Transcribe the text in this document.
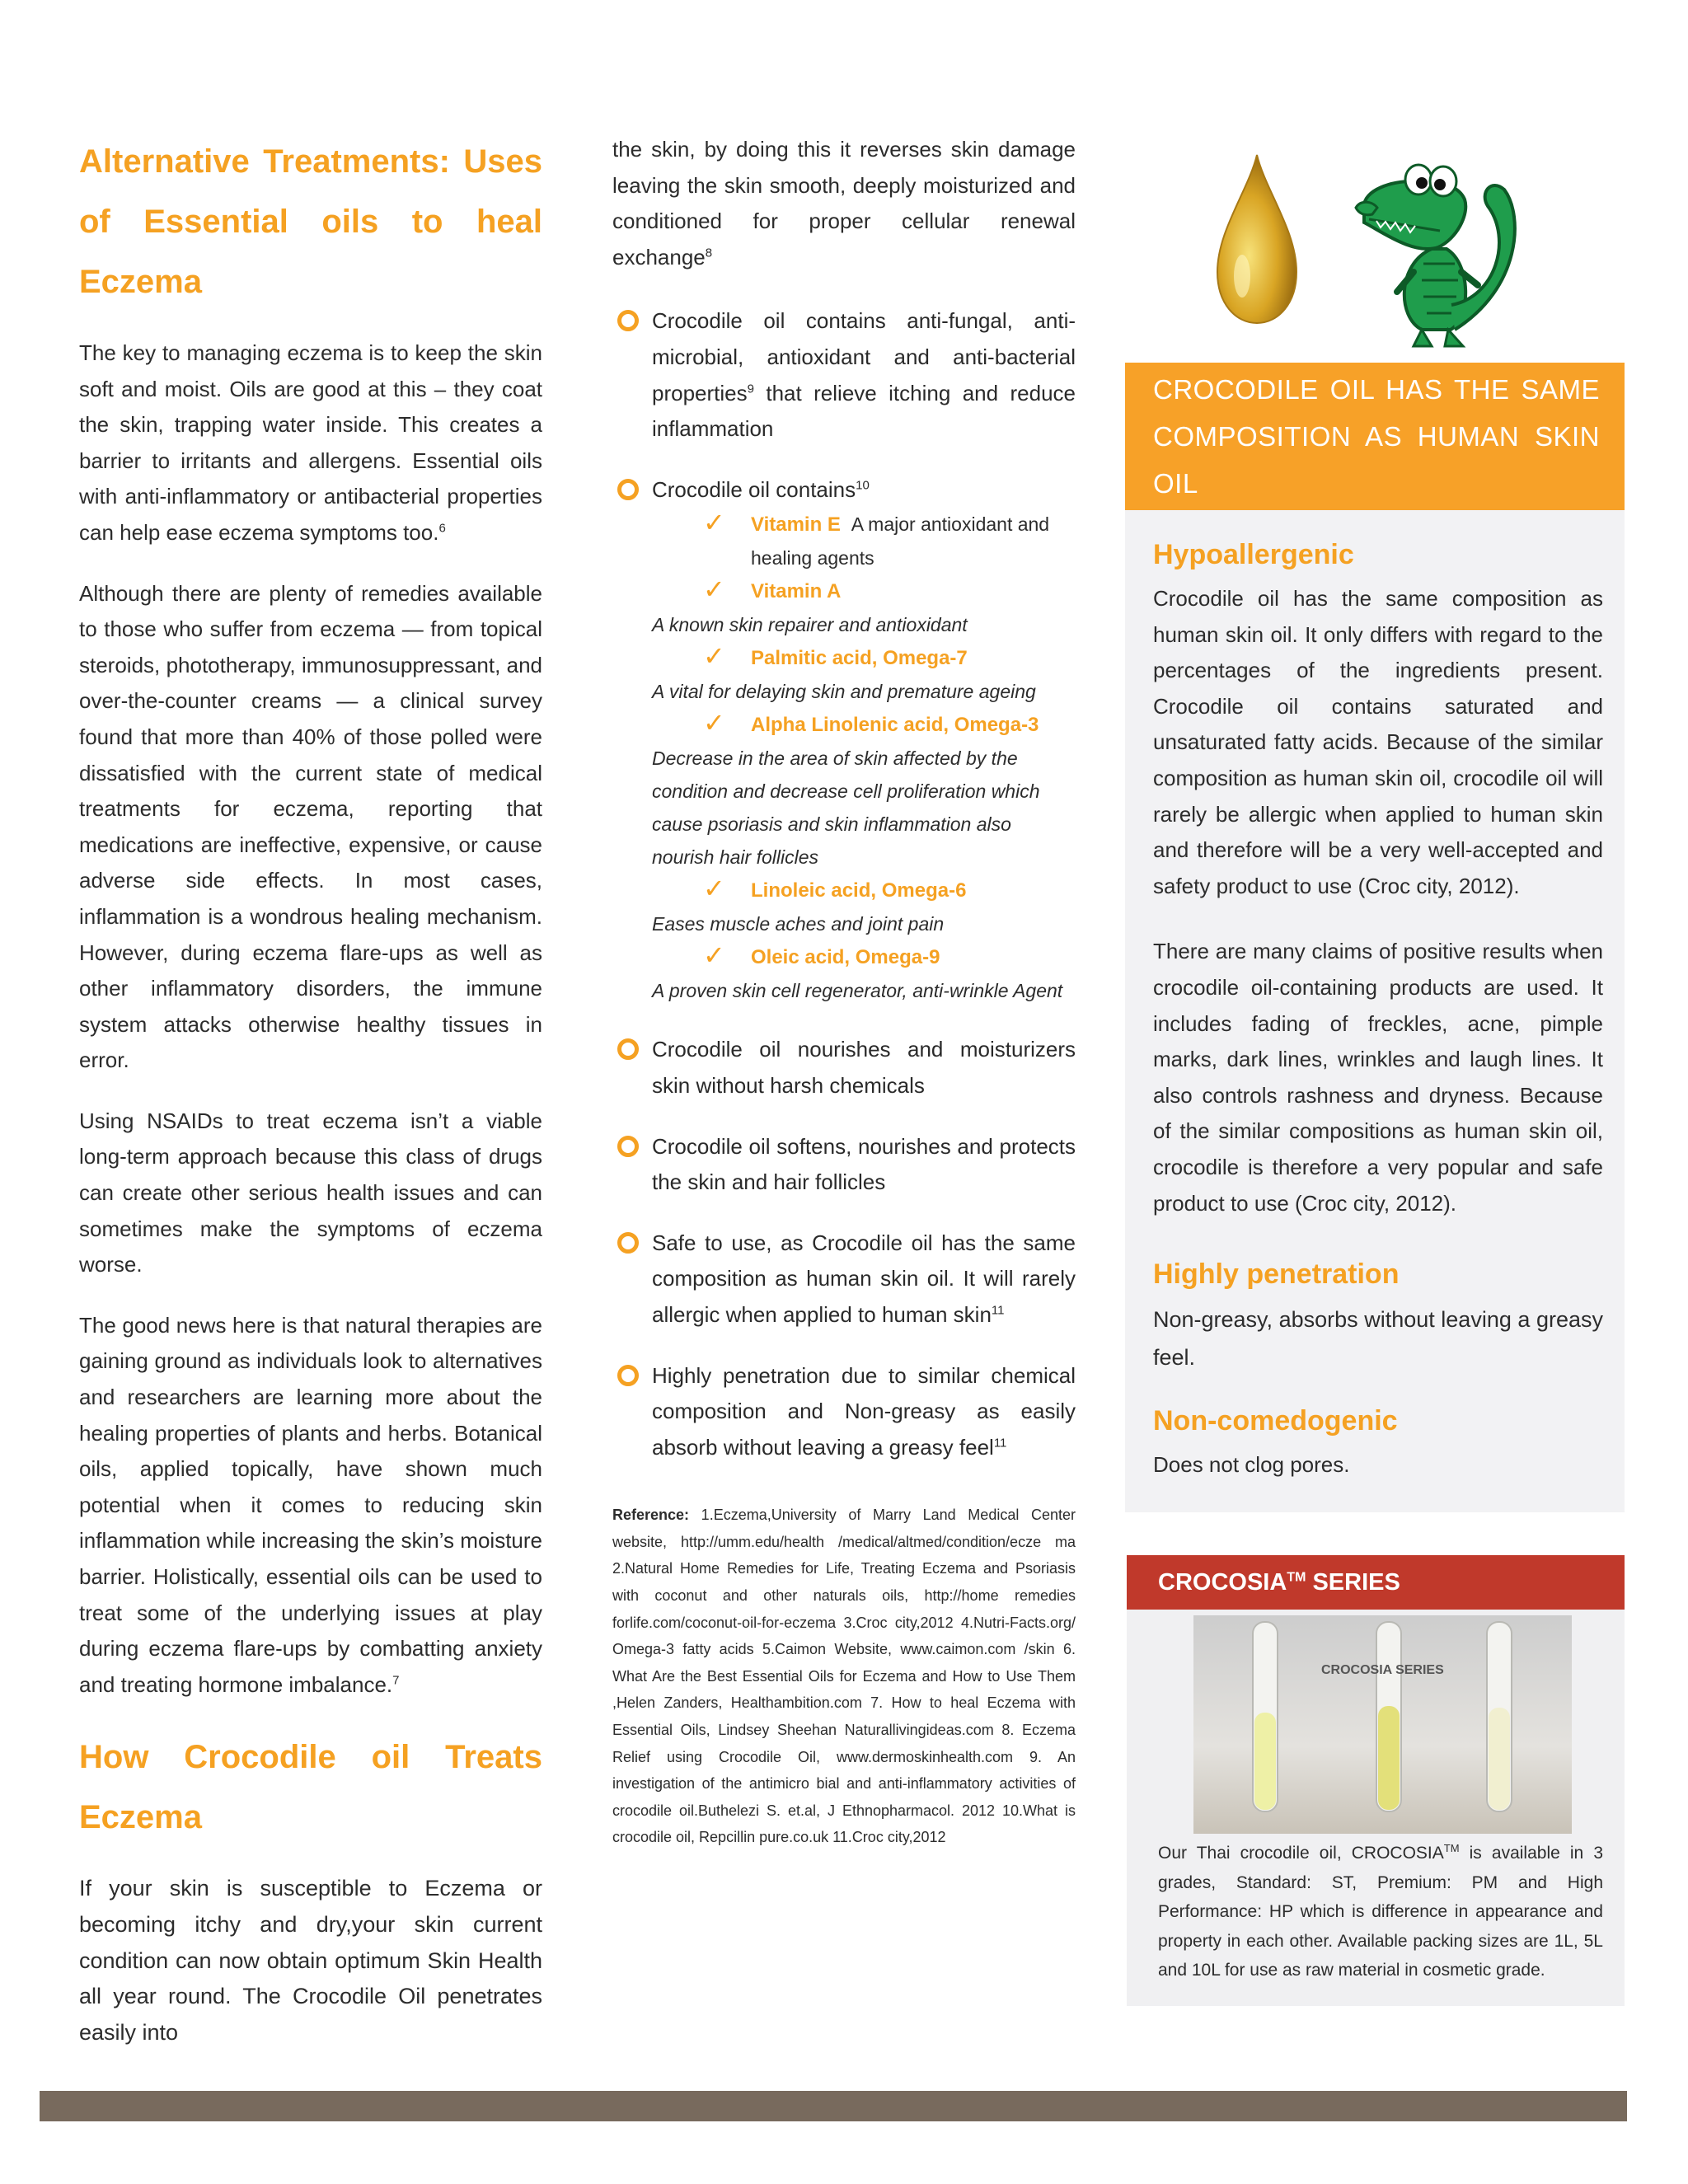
Alternative Treatments: Uses of Essential oils to heal Eczema

The key to managing eczema is to keep the skin soft and moist. Oils are good at this – they coat the skin, trapping water inside. This creates a barrier to irritants and allergens. Essential oils with anti-inflammatory or antibacterial properties can help ease eczema symptoms too.$^6$

Although there are plenty of remedies available to those who suffer from eczema — from topical steroids, phototherapy, immunosuppressant, and over-the-counter creams — a clinical survey found that more than 40% of those polled were dissatisfied with the current state of medical treatments for eczema, reporting that medications are ineffective, expensive, or cause adverse side effects. In most cases, inflammation is a wondrous healing mechanism. However, during eczema flare-ups as well as other inflammatory disorders, the immune system attacks otherwise healthy tissues in error.

Using NSAIDs to treat eczema isn’t a viable long-term approach because this class of drugs can create other serious health issues and can sometimes make the symptoms of eczema worse.

The good news here is that natural therapies are gaining ground as individuals look to alternatives and researchers are learning more about the healing properties of plants and herbs. Botanical oils, applied topically, have shown much potential when it comes to reducing skin inflammation while increasing the skin’s moisture barrier. Holistically, essential oils can be used to treat some of the underlying issues at play during eczema flare-ups by combatting anxiety and treating hormone imbalance.$^7$

How Crocodile oil Treats Eczema

If your skin is susceptible to Eczema or becoming itchy and dry,your skin current condition can now obtain optimum Skin Health all year round. The Crocodile Oil penetrates easily into

the skin, by doing this it reverses skin damage leaving the skin smooth, deeply moisturized and conditioned for proper cellular renewal exchange$^8$

Crocodile oil contains anti-fungal, anti-microbial, antioxidant and anti-bacterial properties$^9$ that relieve itching and reduce inflammation
Crocodile oil contains$^{10}$
✓ Vitamin E A major antioxidant and healing agents
✓ Vitamin A
A known skin repairer and antioxidant
✓ Palmitic acid, Omega-7
A vital for delaying skin and premature ageing
✓ Alpha Linolenic acid, Omega-3
Decrease in the area of skin affected by the condition and decrease cell proliferation which cause psoriasis and skin inflammation also nourish hair follicles
✓ Linoleic acid, Omega-6
Eases muscle aches and joint pain
✓ Oleic acid, Omega-9
A proven skin cell regenerator, anti-wrinkle Agent
Crocodile oil nourishes and moisturizers skin without harsh chemicals
Crocodile oil softens, nourishes and protects the skin and hair follicles
Safe to use, as Crocodile oil has the same composition as human skin oil. It will rarely allergic when applied to human skin$^{11}$
Highly penetration due to similar chemical composition and Non-greasy as easily absorb without leaving a greasy feel$^{11}$
Reference: 1.Eczema,University of Marry Land Medical Center website, http://umm.edu/health /medical/altmed/condition/ecze ma 2.Natural Home Remedies for Life, Treating Eczema and Psoriasis with coconut and other naturals oils, http://home remedies forlife.com/coconut-oil-for-eczema 3.Croc city,2012 4.Nutri-Facts.org/ Omega-3 fatty acids 5.Caimon Website, www.caimon.com /skin 6. What Are the Best Essential Oils for Eczema and How to Use Them ,Helen Zanders, Healthambition.com 7. How to heal Eczema with Essential Oils, Lindsey Sheehan Naturallivingideas.com 8. Eczema Relief using Crocodile Oil, www.dermoskinhealth.com 9. An investigation of the antimicro bial and anti-inflammatory activities of crocodile oil.Buthelezi S. et.al, J Ethnopharmacol. 2012 10.What is crocodile oil, Repcillin pure.co.uk 11.Croc city,2012
CROCODILE OIL HAS THE SAME COMPOSITION AS HUMAN SKIN OIL
Hypoallergenic

Crocodile oil has the same composition as human skin oil. It only differs with regard to the percentages of the ingredients present. Crocodile oil contains saturated and unsaturated fatty acids. Because of the similar composition as human skin oil, crocodile oil will rarely be allergic when applied to human skin and therefore will be a very well-accepted and safety product to use (Croc city, 2012).

There are many claims of positive results when crocodile oil-containing products are used. It includes fading of freckles, acne, pimple marks, dark lines, wrinkles and laugh lines. It also controls rashness and dryness. Because of the similar compositions as human skin oil, crocodile is therefore a very popular and safe product to use (Croc city, 2012).

Highly penetration

Non-greasy, absorbs without leaving a greasy feel.

Non-comedogenic

Does not clog pores.

CROCOSIA™ SERIES
CROCOSIA SERIES
Our Thai crocodile oil, CROCOSIA™ is available in 3 grades, Standard: ST, Premium: PM and High Performance: HP which is difference in appearance and property in each other. Available packing sizes are 1L, 5L and 10L for use as raw material in cosmetic grade.
